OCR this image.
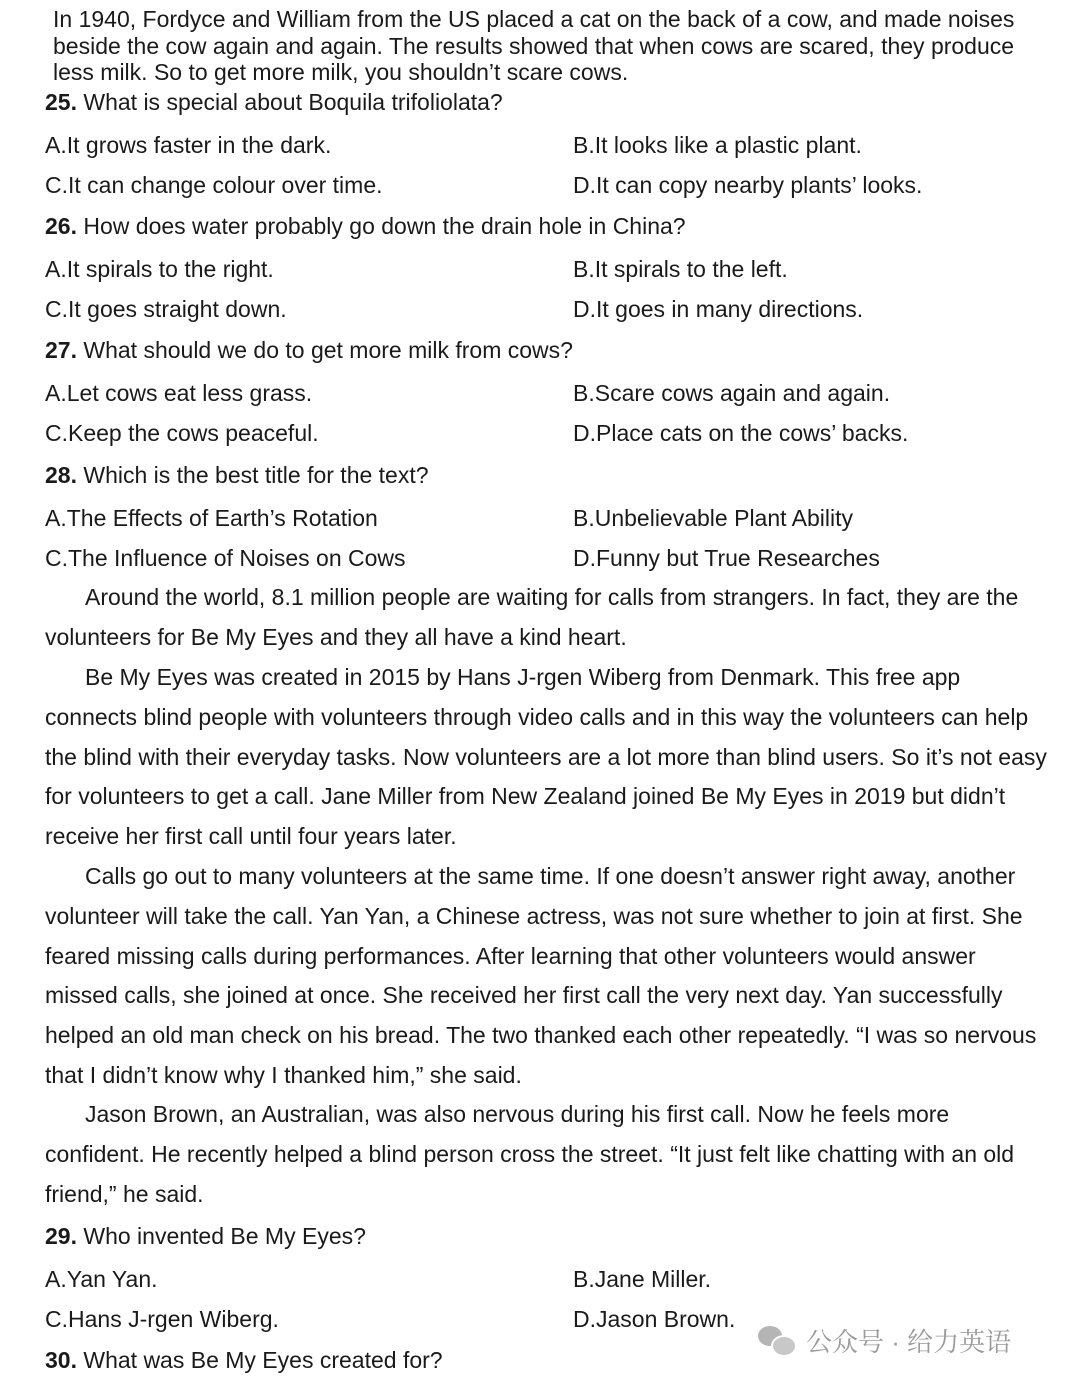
In 1940, Fordyce and William from the US placed a cat on the back of a cow, and made noises beside the cow again and again. The results showed that when cows are scared, they produce less milk. So to get more milk, you shouldn’t scare cows.

25. What is special about Boquila trifoliolata?

A.It grows faster in the dark.	B.It looks like a plastic plant.

C.It can change colour over time.	D.It can copy nearby plants’ looks.

26. How does water probably go down the drain hole in China?

A.It spirals to the right.	B.It spirals to the left.

C.It goes straight down.	D.It goes in many directions.

27. What should we do to get more milk from cows?

A.Let cows eat less grass.	B.Scare cows again and again.

C.Keep the cows peaceful.	D.Place cats on the cows’ backs.

28. Which is the best title for the text?

A.The Effects of Earth’s Rotation	B.Unbelievable Plant Ability

C.The Influence of Noises on Cows	D.Funny but True Researches

Around the world, 8.1 million people are waiting for calls from strangers. In fact, they are the volunteers for Be My Eyes and they all have a kind heart.

Be My Eyes was created in 2015 by Hans J-rgen Wiberg from Denmark. This free app connects blind people with volunteers through video calls and in this way the volunteers can help the blind with their everyday tasks. Now volunteers are a lot more than blind users. So it’s not easy for volunteers to get a call. Jane Miller from New Zealand joined Be My Eyes in 2019 but didn’t receive her first call until four years later.

Calls go out to many volunteers at the same time. If one doesn’t answer right away, another volunteer will take the call. Yan Yan, a Chinese actress, was not sure whether to join at first. She feared missing calls during performances. After learning that other volunteers would answer missed calls, she joined at once. She received her first call the very next day. Yan successfully helped an old man check on his bread. The two thanked each other repeatedly. “I was so nervous that I didn’t know why I thanked him,” she said.

Jason Brown, an Australian, was also nervous during his first call. Now he feels more confident. He recently helped a blind person cross the street. “It just felt like chatting with an old friend,” he said.

29. Who invented Be My Eyes?

A.Yan Yan.	B.Jane Miller.

C.Hans J-rgen Wiberg.	D.Jason Brown.

30. What was Be My Eyes created for?

公众号 · 给力英语
